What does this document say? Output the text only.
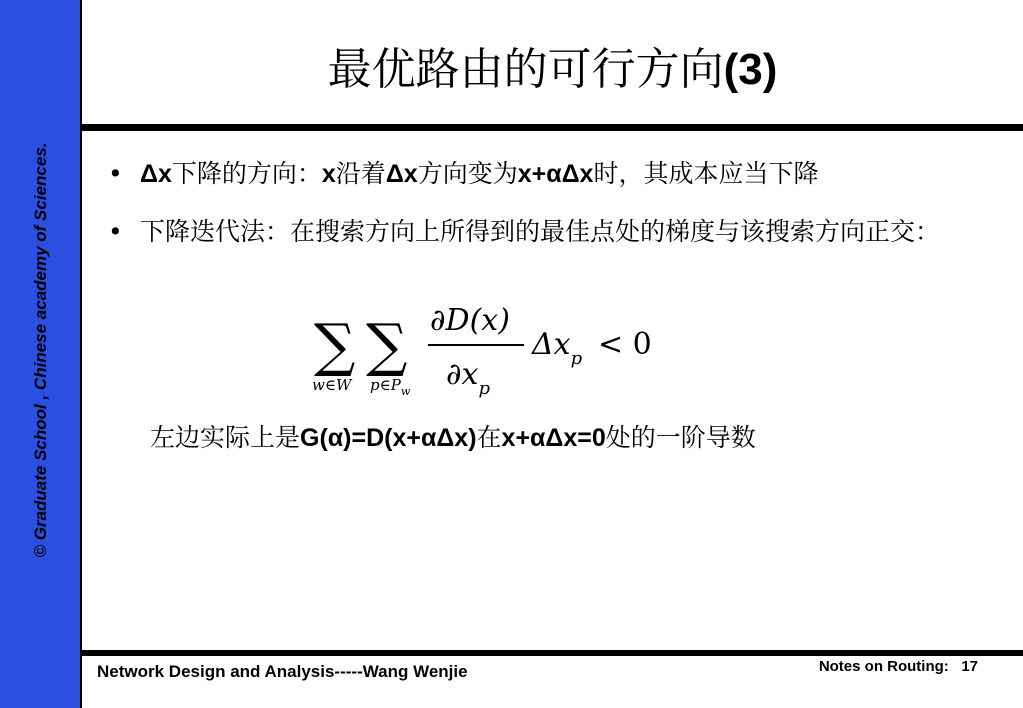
© Graduate School , Chinese academy of Sciences.
最优路由的可行方向(3)
• Δx下降的方向：x沿着Δx方向变为x+αΔx时，其成本应当下降
• 下降迭代法：在搜索方向上所得到的最佳点处的梯度与该搜索方向正交：
∑ ∑
w∈W $p\in P_w$
∂D(x)
$\partial x_p$
$\Delta x_p < 0$
左边实际上是G(α)=D(x+αΔx)在x+αΔx=0处的一阶导数
Network Design and Analysis-----Wang Wenjie	Notes on Routing: 17
